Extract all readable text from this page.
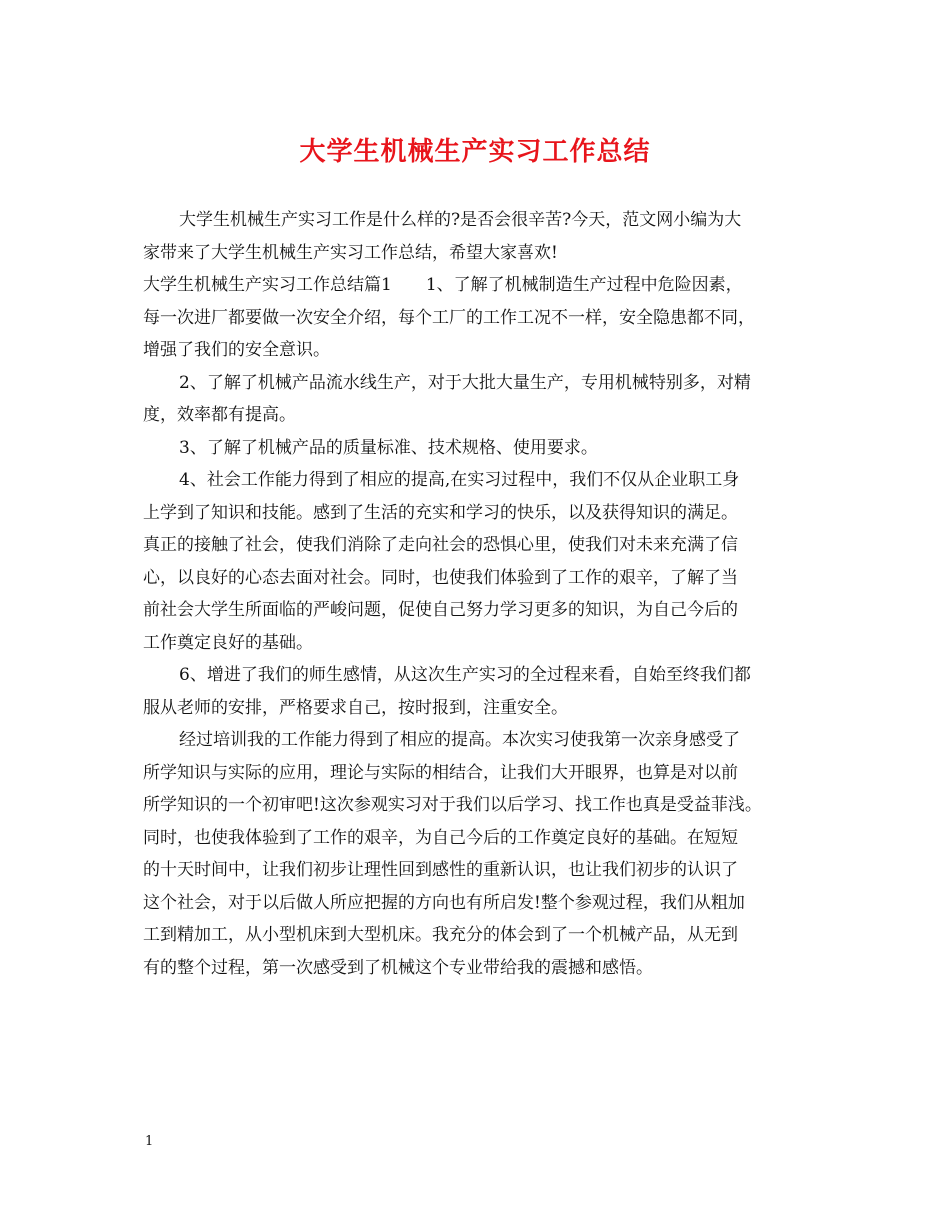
大学生机械生产实习工作总结
大学生机械生产实习工作是什么样的?是否会很辛苦?今天，范文网小编为大
家带来了大学生机械生产实习工作总结，希望大家喜欢!
大学生机械生产实习工作总结篇1　　1、了解了机械制造生产过程中危险因素，
每一次进厂都要做一次安全介绍，每个工厂的工作工况不一样，安全隐患都不同，
增强了我们的安全意识。
2、了解了机械产品流水线生产，对于大批大量生产，专用机械特别多，对精
度，效率都有提高。
3、了解了机械产品的质量标准、技术规格、使用要求。
4、社会工作能力得到了相应的提高,在实习过程中，我们不仅从企业职工身
上学到了知识和技能。感到了生活的充实和学习的快乐，以及获得知识的满足。
真正的接触了社会，使我们消除了走向社会的恐惧心里，使我们对未来充满了信
心，以良好的心态去面对社会。同时，也使我们体验到了工作的艰辛，了解了当
前社会大学生所面临的严峻问题，促使自己努力学习更多的知识，为自己今后的
工作奠定良好的基础。
6、增进了我们的师生感情，从这次生产实习的全过程来看，自始至终我们都
服从老师的安排，严格要求自己，按时报到，注重安全。
经过培训我的工作能力得到了相应的提高。本次实习使我第一次亲身感受了
所学知识与实际的应用，理论与实际的相结合，让我们大开眼界，也算是对以前
所学知识的一个初审吧!这次参观实习对于我们以后学习、找工作也真是受益菲浅。
同时，也使我体验到了工作的艰辛，为自己今后的工作奠定良好的基础。在短短
的十天时间中，让我们初步让理性回到感性的重新认识，也让我们初步的认识了
这个社会，对于以后做人所应把握的方向也有所启发!整个参观过程，我们从粗加
工到精加工，从小型机床到大型机床。我充分的体会到了一个机械产品，从无到
有的整个过程，第一次感受到了机械这个专业带给我的震撼和感悟。
1
